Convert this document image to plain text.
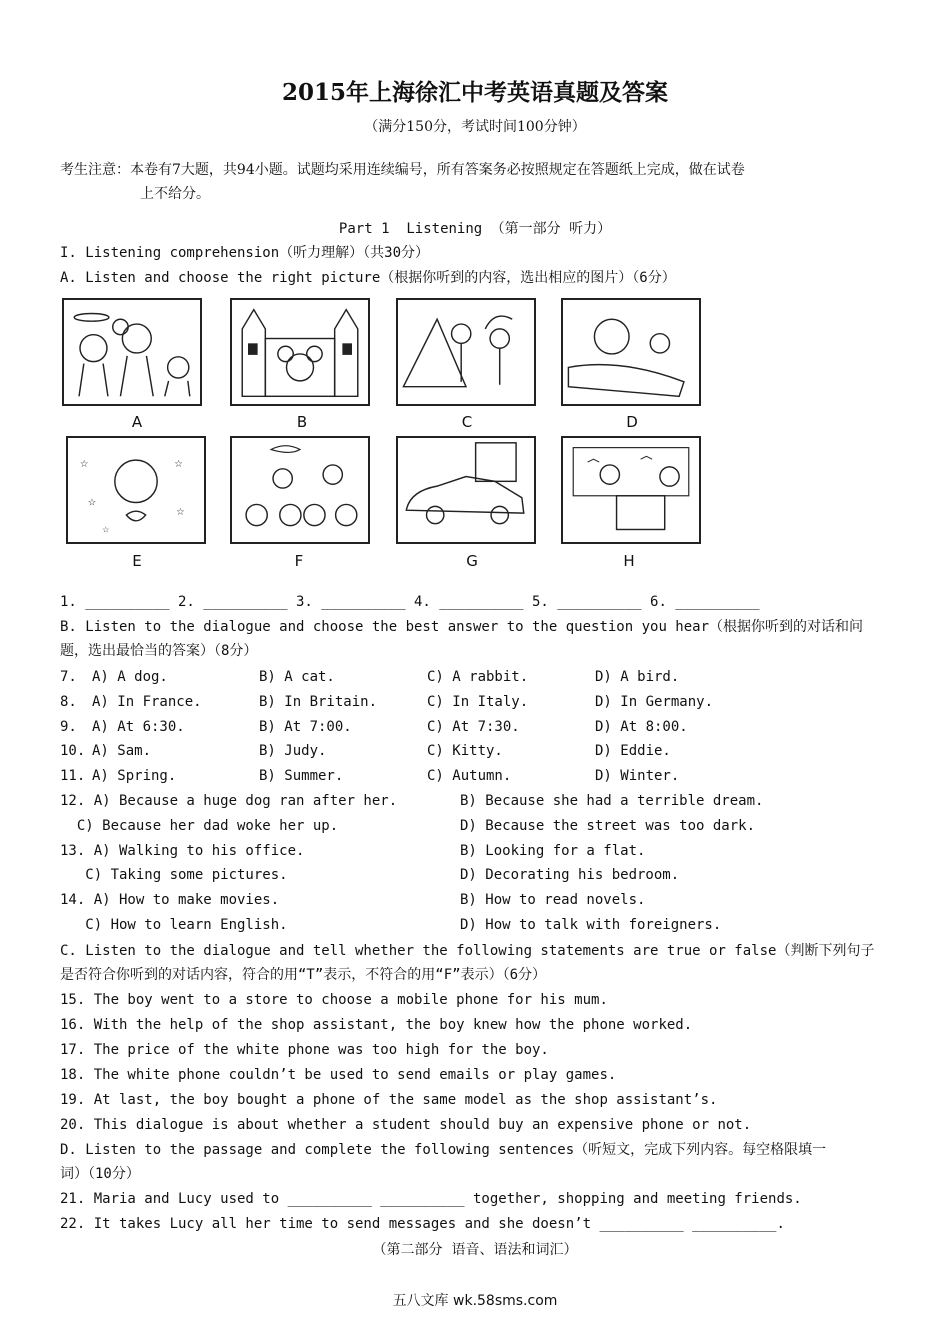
2015年上海徐汇中考英语真题及答案
（满分150分，考试时间100分钟）
考生注意：本卷有7大题，共94小题。试题均采用连续编号，所有答案务必按照规定在答题纸上完成，做在试卷
上不给分。
Part 1  Listening （第一部分 听力）
I. Listening comprehension（听力理解）（共30分）
A. Listen and choose the right picture（根据你听到的内容，选出相应的图片）（6分）
A	B	C	D
☆
☆
☆
☆
☆
E	F	G	H
1. __________ 2. __________ 3. __________ 4. __________ 5. __________ 6. __________
B. Listen to the dialogue and choose the best answer to the question you hear（根据你听到的对话和问
题，选出最恰当的答案）（8分）
7. A) A dog.	B) A cat.	C) A rabbit.	D) A bird.
8. A) In France.	B) In Britain.	C) In Italy.	D) In Germany.
9. A) At 6:30.	B) At 7:00.	C) At 7:30.	D) At 8:00.
10. A) Sam.	B) Judy.	C) Kitty.	D) Eddie.
11. A) Spring.	B) Summer.	C) Autumn.	D) Winter.
12. A) Because a huge dog ran after her.	B) Because she had a terrible dream.
C) Because her dad woke her up.	D) Because the street was too dark.
13. A) Walking to his office.	B) Looking for a flat.
C) Taking some pictures.	D) Decorating his bedroom.
14. A) How to make movies.	B) How to read novels.
C) How to learn English.	D) How to talk with foreigners.
C. Listen to the dialogue and tell whether the following statements are true or false（判断下列句子
是否符合你听到的对话内容，符合的用“T”表示，不符合的用“F”表示）（6分）
15. The boy went to a store to choose a mobile phone for his mum.
16. With the help of the shop assistant, the boy knew how the phone worked.
17. The price of the white phone was too high for the boy.
18. The white phone couldn’t be used to send emails or play games.
19. At last, the boy bought a phone of the same model as the shop assistant’s.
20. This dialogue is about whether a student should buy an expensive phone or not.
D. Listen to the passage and complete the following sentences（听短文，完成下列内容。每空格限填一
词）（10分）
21. Maria and Lucy used to __________ __________ together, shopping and meeting friends.
22. It takes Lucy all her time to send messages and she doesn’t __________ __________.
（第二部分  语音、语法和词汇）
五八文库 wk.58sms.com
